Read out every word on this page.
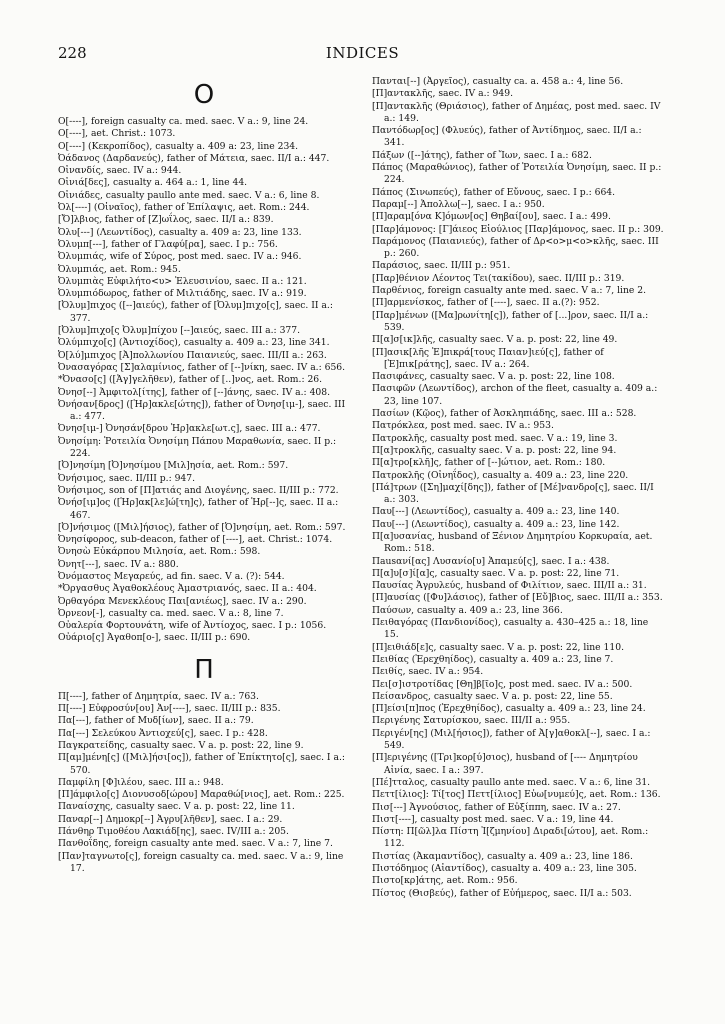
INDICES
228
O
O[----], foreign casualty ca. med. saec. V a.: 9, line 24.
O[----], aet. Christ.: 1073.
O[----] (Κεκροπίδος), casualty a. 409 a: 23, line 234.
Ὀάδανος (Δαρδανεύς), father of Μάτεια, saec. II/I a.: 447.
Οἰνανδίς, saec. IV a.: 944.
Οἰνιά[δες], casualty a. 464 a.: 1, line 44.
Οἰνιάδες, casualty paullo ante med. saec. V a.: 6, line 8.
Ὀλ[----] (Οἰναῖος), father of Ἐπίλαψις, aet. Rom.: 244.
[Ὄ]λβιος, father of [Ζ]ωΐλος, saec. II/I a.: 839.
Ὀλυ[---] (Λεωντίδος), casualty a. 409 a: 23, line 133.
Ὀλυμπ[---], father of Γλαφύ[ρα], saec. I p.: 756.
Ὀλυμπιάς, wife of Σύρος, post med. saec. IV a.: 946.
Ὀλυμπιάς, aet. Rom.: 945.
Ὀλυμπιὰς Εὐφιλήτο<υ> Ἐλευσινίου, saec. II a.: 121.
Ὀλυμπιόδωρος, father of Μιλτιάδης, saec. IV a.: 919.
[Ὀλυμ]πιχος ([--]αιεύς), father of [Ὀλυμ]πιχο[ς], saec. II a.: 377.
[Ὀλυμ]πιχο[ς Ὀλυμ]πίχου [--]αιεύς, saec. III a.: 377.
Ὀλύμπιχο[ς] (Ἀντιοχίδος), casualty a. 409 a.: 23, line 341.
Ὀ[λύ]μπιχος [Ἀ]πολλωνίου Παιανιεύς, saec. III/II a.: 263.
Ὀνασαγόρας [Σ]αλαμίνιος, father of [--]νίκη, saec. IV a.: 656.
*Ὀνασο[ς] ([Ἀγ]γελῆθεν), father of [..]νος, aet. Rom.: 26.
Ὀνησ[--] Ἀμφιτολ[ίτης], father of [--]άνης, saec. IV a.: 408.
Ὀνήσαν[δρος] ([Ἡρ]ακλε[ώτης]), father of Ὀνησ[ιμ-], saec. III a.: 477.
Ὀνησ[ιμ-] Ὀνησάν[δρου Ἡρ]ακλε[ωτ.ς], saec. III a.: 477.
Ὀνησίμη: Ῥοτειλία Ὀνησίμη Πάπου Μαραθωνία, saec. II p.: 224.
[Ὀ]νησίμη [Ὀ]νησίμου [Μιλ]ησία, aet. Rom.: 597.
Ὀνήσιμος, saec. II/III p.: 947.
Ὀνήσιμος, son of [Π]ατιάς and Διογένης, saec. II/III p.: 772.
Ὀνήσ[ιμ]ος ([Ἡρ]ακ[λε]ώ[τη]ς), father of Ἡρ[--]ς, saec. II a.: 467.
[Ὀ]νήσιμος ([Μιλ]ήσιος), father of [Ὀ]νησίμη, aet. Rom.: 597.
Ὀνησίφορος, sub-deacon, father of [----], aet. Christ.: 1074.
Ὀνησὼ Εὐκάρπου Μιλησία, aet. Rom.: 598.
Ὀνητ[---], saec. IV a.: 880.
Ὀνόμαστος Μεγαρεύς, ad fin. saec. V a. (?): 544.
*Ὀργασθυς Ἀγαθοκλέους Ἀμαστριανός, saec. II a.: 404.
Ὀρθαγόρα Μενεκλέους Παι[ανιέως], saec. IV a.: 290.
Ὀρνεον[-], casualty ca. med. saec. V a.: 8, line 7.
Οὐαλερία Φορτουνάτη, wife of Ἀντίοχος, saec. I p.: 1056.
Οὐάριο[ς] Ἀγαθοπ[ο-], saec. II/III p.: 690.
Π
Π[----], father of Δημητρία, saec. IV a.: 763.
Π[----] Εὐφροσύν[ου] Ἀν[----], saec. II/III p.: 835.
Πα[---], father of Μυδ[ίων], saec. II a.: 79.
Πα[---] Σελεύκου Ἀντιοχεύ[ς], saec. I p.: 428.
Παγκρατείδης, casualty saec. V a. p. post: 22, line 9.
Π[αμ]μένη[ς] ([Μιλ]ήσι[ος]), father of Ἐπίκτητο[ς], saec. I a.: 570.
Παμφίλη [Φ]ιλέου, saec. III a.: 948.
[Π]άμφιλο[ς] Διονυσοδ[ώρου] Μαραθώ[νιος], aet. Rom.: 225.
Παναίσχης, casualty saec. V a. p. post: 22, line 11.
Παναρ[--] Δημοκρ[--] Ἀγρυ[λῆθεν], saec. I a.: 29.
Πάνθηρ Τιμοθέου Λακιάδ[ης], saec. IV/III a.: 205.
Πανθοΐδης, foreign casualty ante med. saec. V a.: 7, line 7.
[Παν]ταγνωτο[ς], foreign casualty ca. med. saec. V a.: 9, line 17.
Πανται[--] (Ἀργεῖος), casualty ca. a. 458 a.: 4, line 56.
[Π]αντακλῆς, saec. IV a.: 949.
[Π]αντακλῆς (Θριάσιος), father of Δημέας, post med. saec. IV a.: 149.
Παντόδωρ[ος] (Φλυεύς), father of Ἀντίδημος, saec. II/I a.: 341.
Πάξων ([--]άτης), father of Ἴων, saec. I a.: 682.
Πάπος (Μαραθώνιος), father of Ῥοτειλία Ὀνησίμη, saec. II p.: 224.
Πάπος (Σινωπεύς), father of Εὔνους, saec. I p.: 664.
Παραμ[--] Ἀπολλω[--], saec. I a.: 950.
[Π]αραμ[όνα Κ]όμων[ος] Θηβαί[ου], saec. I a.: 499.
[Παρ]άμονος: [Γ]άιεος Εἰούλιος [Παρ]άμονος, saec. II p.: 309.
Παράμονος (Παιανιεύς), father of Δρ<ο>μ<ο>κλῆς, saec. III p.: 260.
Παράσιος, saec. II/III p.: 951.
[Παρ]θένιον Λέοντος Τει(τακίδου), saec. II/III p.: 319.
Παρθένιος, foreign casualty ante med. saec. V a.: 7, line 2.
[Π]αρμενίσκος, father of [----], saec. II a.(?): 952.
[Παρ]μένων ([Μα]ρωνίτη[ς]), father of [...]ρον, saec. II/I a.: 539.
Π[α]σ[ικ]λῆς, casualty saec. V a. p. post: 22, line 49.
[Π]ασικ[λῆς Ἐ]πικρά[τους Παιαν]ιεύ[ς], father of [Ἐ]πικ[ράτης], saec. IV a.: 264.
Πασιφάνες, casualty saec. V a. p. post: 22, line 108.
Πασιφῶν (Λεωντίδος), archon of the fleet, casualty a. 409 a.: 23, line 107.
Πασίων (Κῷος), father of Ἀσκληπιάδης, saec. III a.: 528.
Πατρόκλεα, post med. saec. IV a.: 953.
Πατροκλῆς, casualty post med. saec. V a.: 19, line 3.
Π[α]τροκλῆς, casualty saec. V a. p. post: 22, line 94.
Π[α]τρο[κλῆ]ς, father of [--]ώτιον, aet. Rom.: 180.
Πατροκλῆς (Οἰνηΐδος), casualty a. 409 a.: 23, line 220.
[Πά]τρων ([Ση]μαχί[δης]), father of [Μέ]νανδρο[ς], saec. II/I a.: 303.
Παυ[---] (Λεωντίδος), casualty a. 409 a.: 23, line 140.
Παυ[---] (Λεωντίδος), casualty a. 409 a.: 23, line 142.
Π[α]υσανίας, husband of Ξένιον Δημητρίου Κορκυραία, aet. Rom.: 518.
Πausανί[ας] Λυσανίο[υ] Ἀπαμεύ[ς], saec. I a.: 438.
Π[α]υ[σ]ί[α]ς, casualty saec. V a. p. post: 22, line 71.
Παυσίας Ἀγρυλεύς, husband of Φιλίτιον, saec. III/II a.: 31.
[Π]αυσίας ([Φυ]λάσιος), father of [Εὔ]βιος, saec. III/II a.: 353.
Παύσων, casualty a. 409 a.: 23, line 366.
Πειθαγόρας (Πανδιονίδος), casualty a. 430–425 a.: 18, line 15.
[Π]ειθιάδ[ε]ς, casualty saec. V a. p. post: 22, line 110.
Πειθίας (Ἐρεχθηίδος), casualty a. 409 a.: 23, line 7.
Πειθίς, saec. IV a.: 954.
Πει[σ]ιστροτίδας [Θη]β[ῖο]ς, post med. saec. IV a.: 500.
Πείσανδρος, casualty saec. V a. p. post: 22, line 55.
[Π]είσι[π]πος (Ἐρεχθηίδος), casualty a. 409 a.: 23, line 24.
Περιγένης Σατυρίσκου, saec. III/II a.: 955.
Περιγέν[ης] (Μιλ[ήσιος]), father of Ἀ[γ]αθοκλ[--], saec. I a.: 549.
[Π]εριγένης ([Τρι]κορ[ύ]σιος), husband of [---- Δημητρίου Αἰνία, saec. I a.: 397.
[Πέ]τταλος, casualty paullo ante med. saec. V a.: 6, line 31.
Πεττ[ίλιος]: Τί[τος] Πεττ[ίλιος] Εὐω[νυμεύ]ς, aet. Rom.: 136.
Πισ[---] Ἀγνούσιος, father of Εὐξίππη, saec. IV a.: 27.
Πιστ[----], casualty post med. saec. V a.: 19, line 44.
Πίστη: Π[ῶλ]λα Πίστη Ἰ[ζμηνίου] Διραδι[ώτου], aet. Rom.: 112.
Πιστίας (Ἀκαμαντίδος), casualty a. 409 a.: 23, line 186.
Πιστόδημος (Αἰαντίδος), casualty a. 409 a.: 23, line 305.
Πιστο[κρ]άτης, aet. Rom.: 956.
Πίστος (Θισβεύς), father of Εὐήμερος, saec. II/I a.: 503.
